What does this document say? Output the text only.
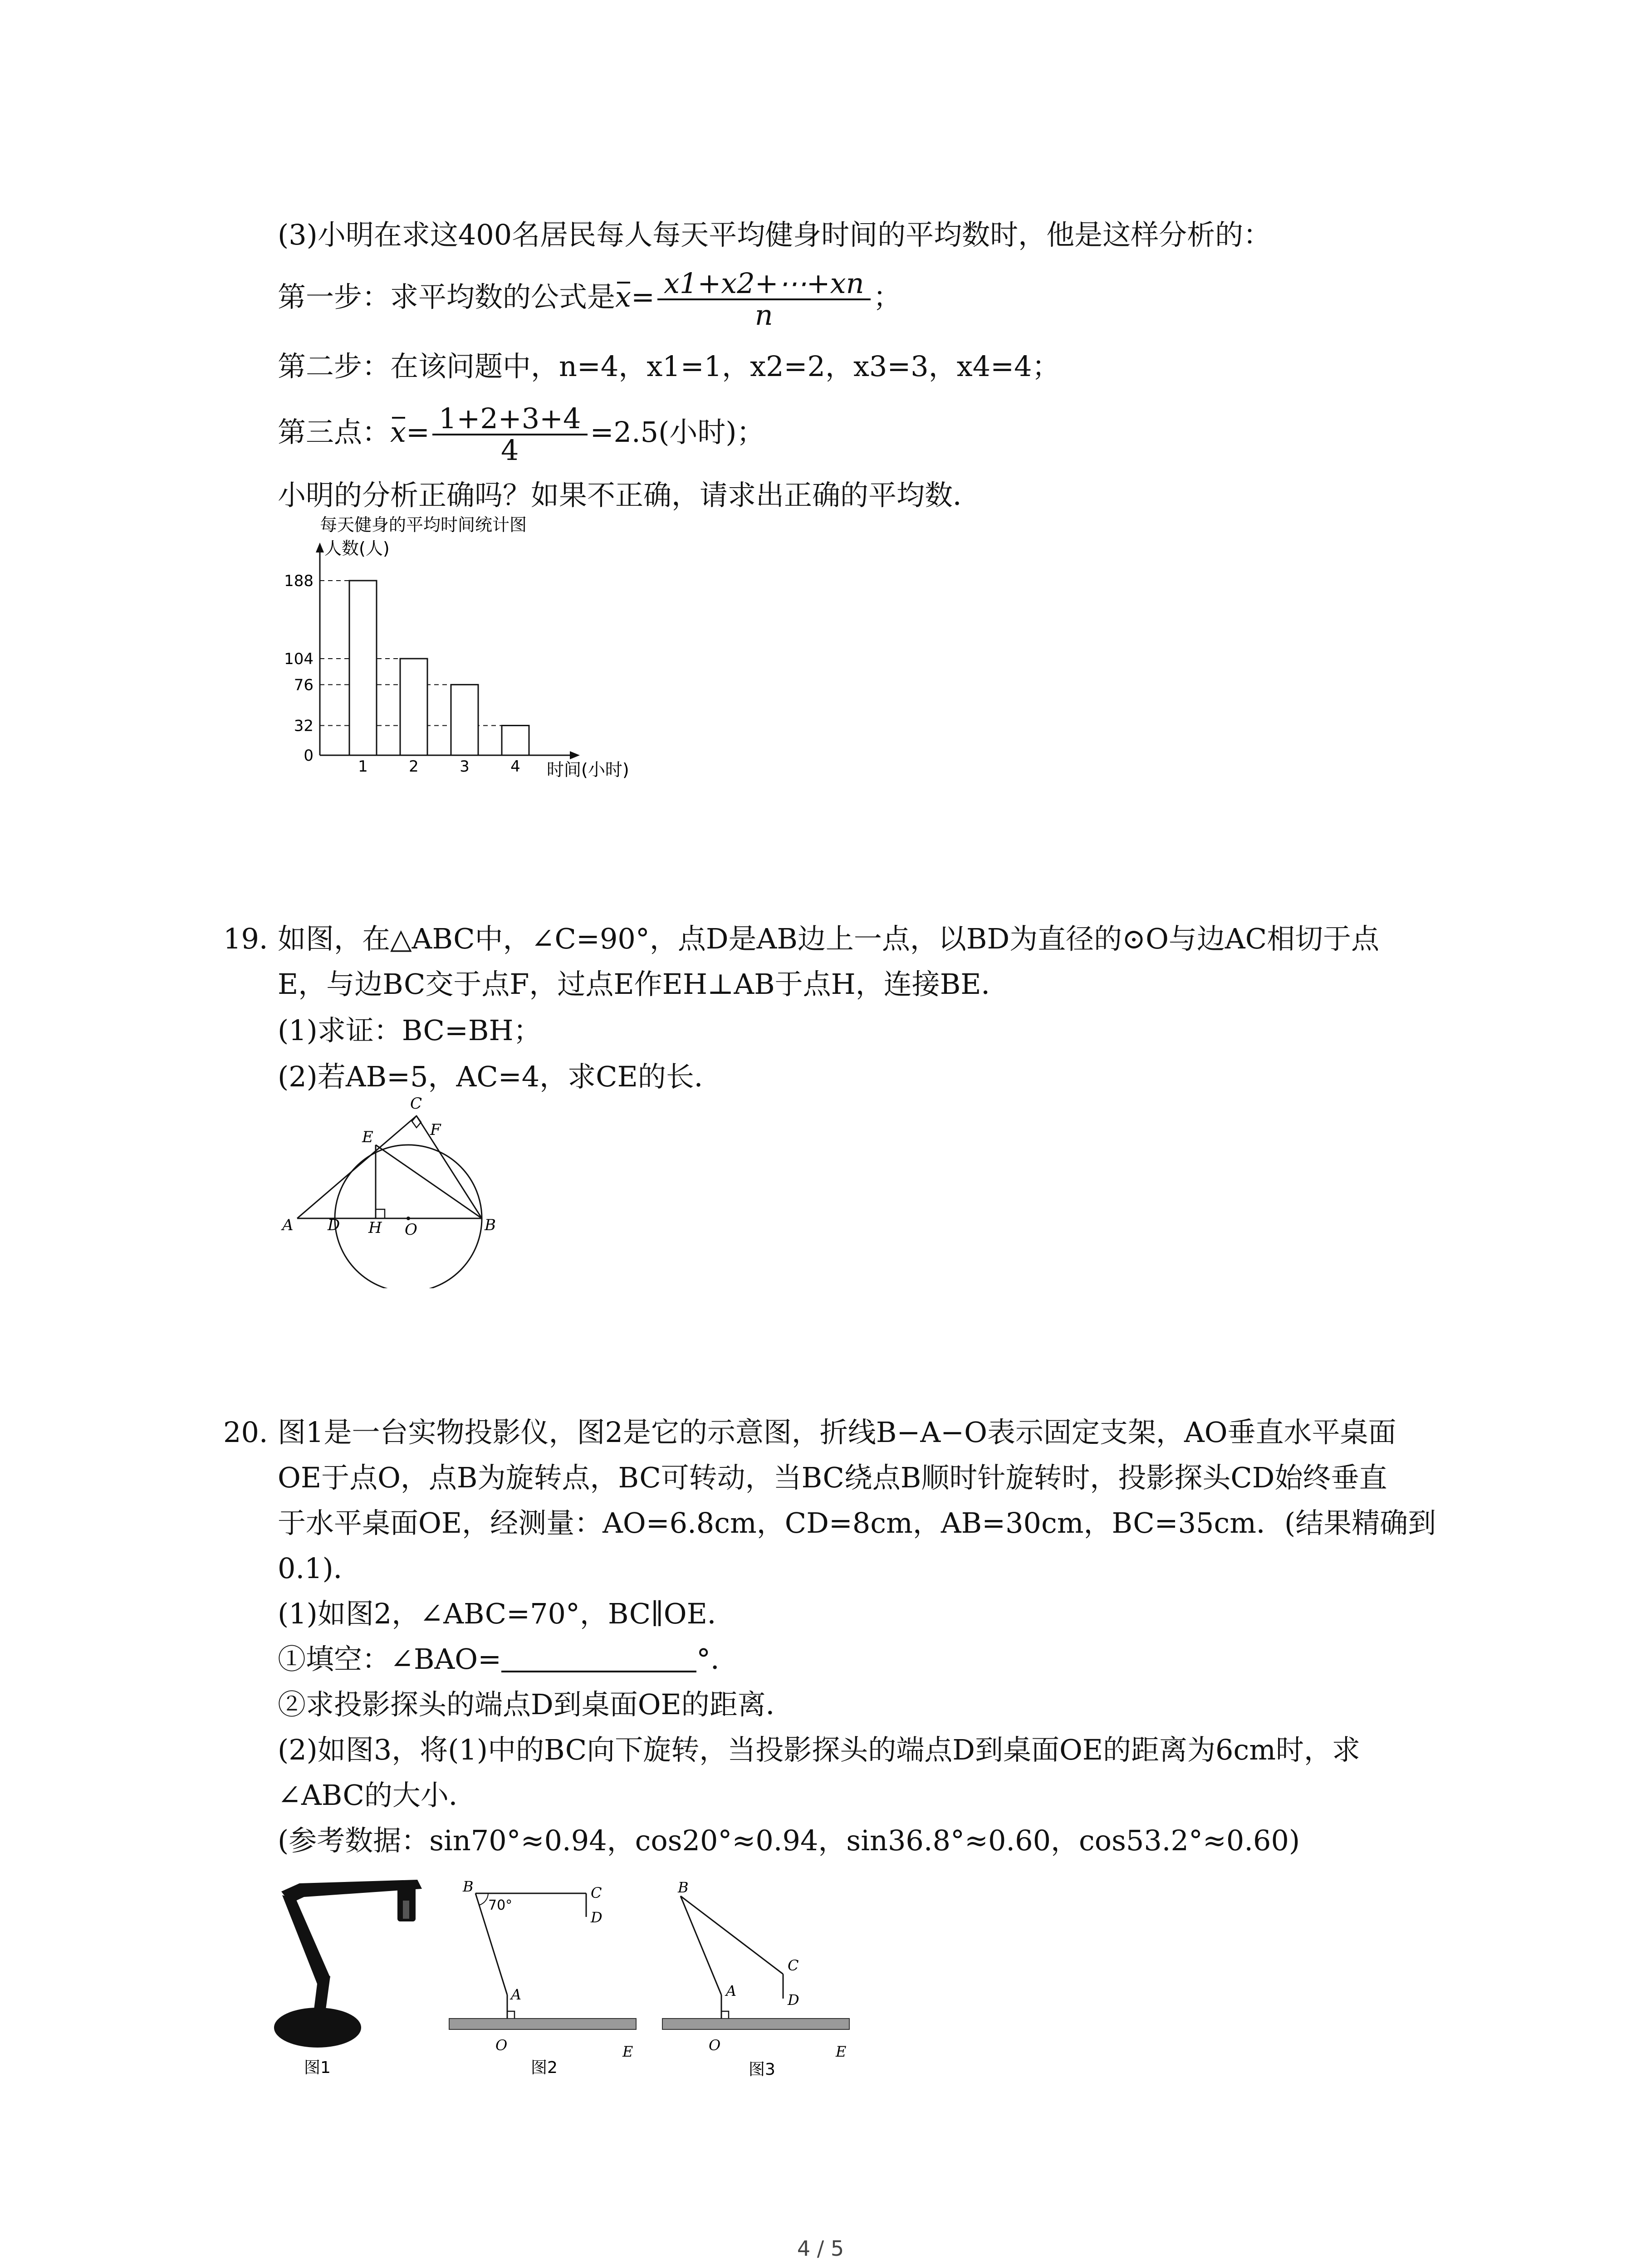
(3)小明在求这400名居民每人每天平均健身时间的平均数时，他是这样分析的：
第一步：求平均数的公式是$x= \frac{x1+x2+\cdots+xn}{n}$ ；
第二步：在该问题中，n=4，x1=1，x2=2，x3=3，x4=4；
第三点：$x= \frac{1+2+3+4}{4} =2.5$(小时)；
小明的分析正确吗？如果不正确，请求出正确的平均数．
每天健身的平均时间统计图
人数(人)
时间(小时)
1	2	3	4
188
104
76
32
0
19. 如图，在△ABC中，∠C=90°，点D是AB边上一点，以BD为直径的⊙O与边AC相切于点
E，与边BC交于点F，过点E作EH⊥AB于点H，连接BE．
(1)求证：BC=BH；
(2)若AB=5，AC=4，求CE的长．
A D H O	B
E
C
F
20. 图1是一台实物投影仪，图2是它的示意图，折线B−A−O表示固定支架，AO垂直水平桌面
OE于点O，点B为旋转点，BC可转动，当BC绕点B顺时针旋转时，投影探头CD始终垂直
于水平桌面OE，经测量：AO=6.8cm，CD=8cm，AB=30cm，BC=35cm．(结果精确到
0.1)．
(1)如图2，∠ABC=70°，BC∥OE．
①填空：∠BAO=	°．
②求投影探头的端点D到桌面OE的距离．
(2)如图3，将(1)中的BC向下旋转，当投影探头的端点D到桌面OE的距离为6cm时，求
∠ABC的大小．
(参考数据：sin70°≈0.94，cos20°≈0.94，sin36.8°≈0.60，cos53.2°≈0.60)
图1
70°
B	C
D
A
O	E
图2
B
C
D
A
O	E
图3
4 / 5
